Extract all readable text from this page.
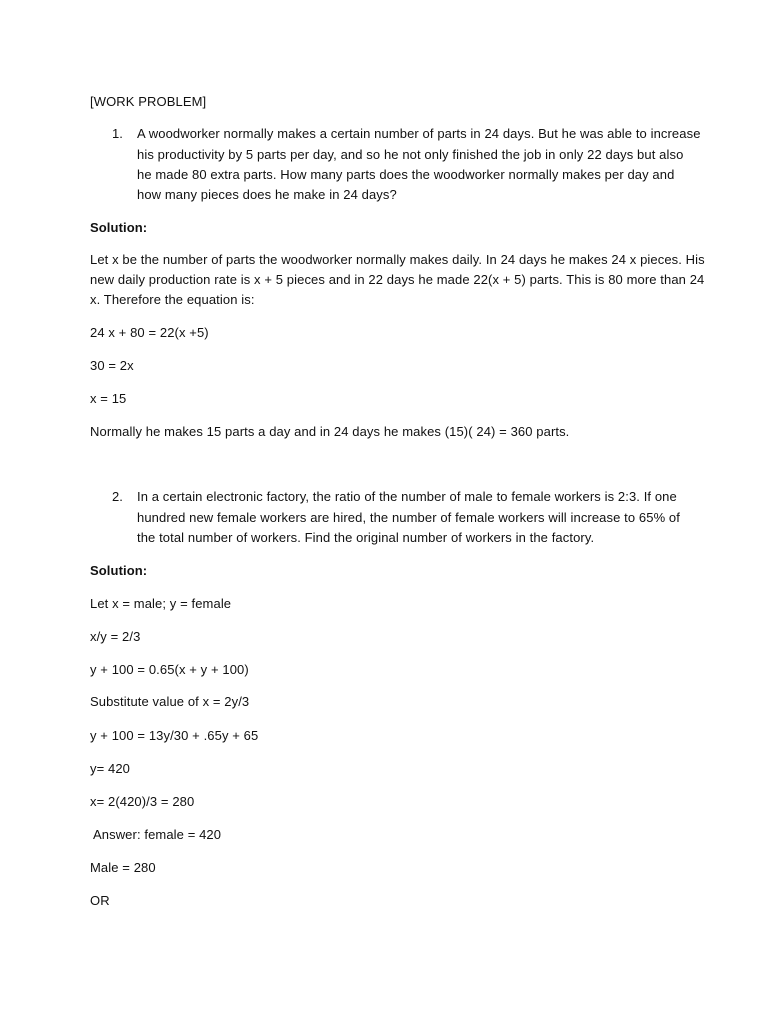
[WORK PROBLEM]
1. A woodworker normally makes a certain number of parts in 24 days. But he was able to increase
his productivity by 5 parts per day, and so he not only finished the job in only 22 days but also
he made 80 extra parts. How many parts does the woodworker normally makes per day and
how many pieces does he make in 24 days?
Solution:
Let x be the number of parts the woodworker normally makes daily. In 24 days he makes 24 x pieces. His
new daily production rate is x + 5 pieces and in 22 days he made 22(x + 5) parts. This is 80 more than 24
x. Therefore the equation is:
24 x + 80 = 22(x +5)
30 = 2x
x = 15
Normally he makes 15 parts a day and in 24 days he makes (15)( 24) = 360 parts.
2. In a certain electronic factory, the ratio of the number of male to female workers is 2:3. If one
hundred new female workers are hired, the number of female workers will increase to 65% of
the total number of workers. Find the original number of workers in the factory.
Solution:
Let x = male; y = female
x/y = 2/3
y + 100 = 0.65(x + y + 100)
Substitute value of x = 2y/3
y + 100 = 13y/30 + .65y + 65
y= 420
x= 2(420)/3 = 280
Answer: female = 420
Male = 280
OR
